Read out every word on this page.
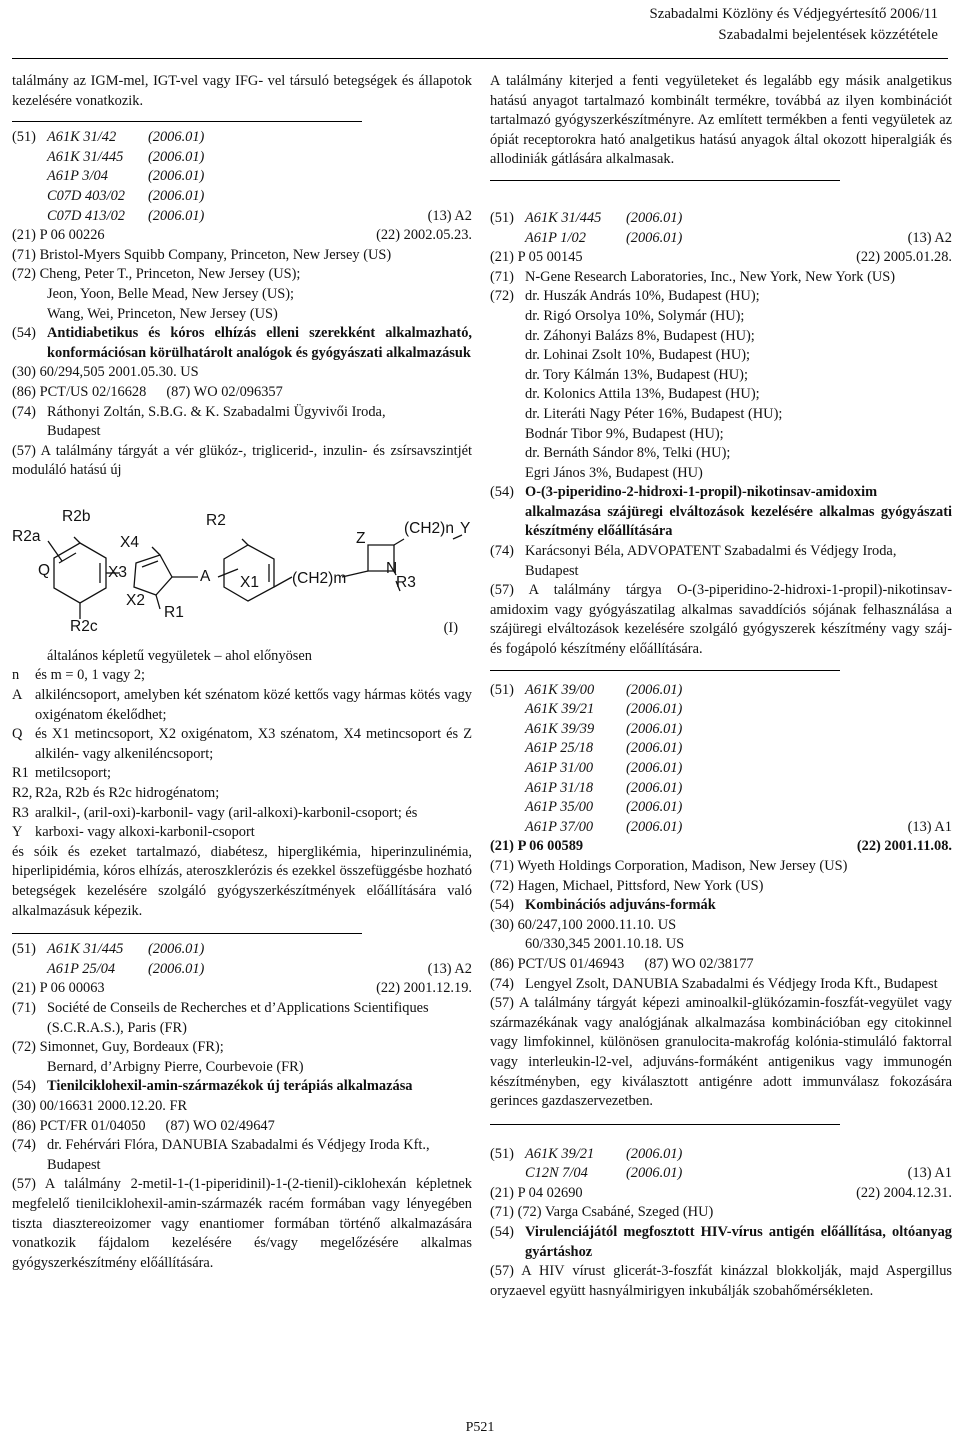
Szabadalmi Közlöny és Védjegyértesítő 2006/11
Szabadalmi bejelentések közzététele

találmány az IGM-mel, IGT-vel vagy IFG- vel társuló betegségek és állapotok kezelésére vonatkozik.

(51) A61K 31/42	(2006.01)
A61K 31/445	(2006.01)
A61P 3/04	(2006.01)
C07D 403/02	(2006.01)
C07D 413/02	(2006.01)	(13) A2
(21) P 06 00226	(22) 2002.05.23.
(71) Bristol-Myers Squibb Company, Princeton, New Jersey (US)
(72) Cheng, Peter T., Princeton, New Jersey (US);
Jeon, Yoon, Belle Mead, New Jersey (US);
Wang, Wei, Princeton, New Jersey (US)
(54) Antidiabetikus és kóros elhízás elleni szerekként alkalmazható, konformációsan körülhatárolt analógok és gyógyászati alkalmazásuk
(30) 60/294,505 2001.05.30. US
(86) PCT/US 02/16628 (87) WO 02/096357
(74) Ráthonyi Zoltán, S.B.G. & K. Szabadalmi Ügyvivői Iroda,
Budapest

(57) A találmány tárgyát a vér glükóz-, triglicerid-, inzulin- és zsírsavszintjét moduláló hatású új

R2a
R2b
Q
R2c
X4
X3
X2
R1
A
R2
X1 (CH2)m
Z
(CH2)n Y
N
R3
(I)
általános képletű vegyületek – ahol előnyösen
n	és m = 0, 1 vagy 2;
A alkiléncsoport, amelyben két szénatom közé kettős vagy hármas kötés vagy oxigénatom ékelődhet;
Q és X1 metincsoport, X2 oxigénatom, X3 szénatom, X4 metincsoport és Z alkilén- vagy alkeniléncsoport;
R1 metilcsoport;
R2, R2a, R2b és R2c hidrogénatom;
R3 aralkil-, (aril-oxi)-karbonil- vagy (aril-alkoxi)-karbonil-csoport; és
Y karboxi- vagy alkoxi-karbonil-csoport

és sóik és ezeket tartalmazó, diabétesz, hiperglikémia, hiperinzulinémia, hiperlipidémia, kóros elhízás, ateroszklerózis és ezekkel összefüggésbe hozható betegségek kezelésére szolgáló gyógyszerkészítmények előállítására való alkalmazásuk képezik.

(51) A61K 31/445	(2006.01)
A61P 25/04	(2006.01)	(13) A2
(21) P 06 00063	(22) 2001.12.19.
(71) Société de Conseils de Recherches et d’Applications Scientifiques (S.C.R.A.S.), Paris (FR)
(72) Simonnet, Guy, Bordeaux (FR);
Bernard, d’Arbigny Pierre, Courbevoie (FR)
(54) Tienilciklohexil-amin-származékok új terápiás alkalmazása
(30) 00/16631 2000.12.20. FR
(86) PCT/FR 01/04050 (87) WO 02/49647
(74) dr. Fehérvári Flóra, DANUBIA Szabadalmi és Védjegy Iroda Kft., Budapest

(57) A találmány 2-metil-1-(1-piperidinil)-1-(2-tienil)-ciklohexán képletnek megfelelő tienilciklohexil-amin-származék racém formában vagy lényegében tiszta diasztereoizomer vagy enantiomer formában történő alkalmazására vonatkozik fájdalom kezelésére és/vagy megelőzésére alkalmas gyógyszerkészítmény előállítására.

A találmány kiterjed a fenti vegyületeket és legalább egy másik analgetikus hatású anyagot tartalmazó kombinált termékre, továbbá az ilyen kombinációt tartalmazó gyógyszerkészítményre. Az említett termékben a fenti vegyületek az ópiát receptorokra ható analgetikus hatású anyagok által okozott hiperalgiák és allodiniák gátlására alkalmasak.

(51) A61K 31/445	(2006.01)
A61P 1/02	(2006.01)	(13) A2
(21) P 05 00145	(22) 2005.01.28.
(71) N-Gene Research Laboratories, Inc., New York, New York (US)
(72) dr. Huszák András 10%, Budapest (HU);
dr. Rigó Orsolya 10%, Solymár (HU);
dr. Záhonyi Balázs 8%, Budapest (HU);
dr. Lohinai Zsolt 10%, Budapest (HU);
dr. Tory Kálmán 13%, Budapest (HU);
dr. Kolonics Attila 13%, Budapest (HU);
dr. Literáti Nagy Péter 16%, Budapest (HU);
Bodnár Tibor 9%, Budapest (HU);
dr. Bernáth Sándor 8%, Telki (HU);
Egri János 3%, Budapest (HU)
(54) O-(3-piperidino-2-hidroxi-1-propil)-nikotinsav-amidoxim alkalmazása szájüregi elváltozások kezelésére alkalmas gyógyászati készítmény előállítására
(74) Karácsonyi Béla, ADVOPATENT Szabadalmi és Védjegy Iroda, Budapest

(57) A találmány tárgya O-(3-piperidino-2-hidroxi-1-propil)-nikotinsav-amidoxim vagy gyógyászatilag alkalmas savaddíciós sójának felhasználása a szájüregi elváltozások kezelésére szolgáló gyógyszerek készítmény vagy száj- és fogápoló készítmény előállítására.

(51) A61K 39/00	(2006.01)
A61K 39/21	(2006.01)
A61K 39/39	(2006.01)
A61P 25/18	(2006.01)
A61P 31/00	(2006.01)
A61P 31/18	(2006.01)
A61P 35/00	(2006.01)
A61P 37/00	(2006.01)	(13) A1
(21) P 06 00589	(22) 2001.11.08.
(71) Wyeth Holdings Corporation, Madison, New Jersey (US)
(72) Hagen, Michael, Pittsford, New York (US)
(54) Kombinációs adjuváns-formák
(30) 60/247,100 2000.11.10. US
60/330,345 2001.10.18. US
(86) PCT/US 01/46943 (87) WO 02/38177
(74) Lengyel Zsolt, DANUBIA Szabadalmi és Védjegy Iroda Kft., Budapest

(57) A találmány tárgyát képezi aminoalkil-glükózamin-foszfát-vegyület vagy származékának vagy analógjának alkalmazása kombinációban egy citokinnel vagy limfokinnel, különösen granulocita-makrofág kolónia-stimuláló faktorral vagy interleukin-l2-vel, adjuváns-formáként antigenikus vagy immunogén készítményben, egy kiválasztott antigénre adott immunválasz fokozására gerinces gazdaszervezetben.

(51) A61K 39/21	(2006.01)
C12N 7/04	(2006.01)	(13) A1
(21) P 04 02690	(22) 2004.12.31.
(71) (72) Varga Csabáné, Szeged (HU)
(54) Virulenciájától megfosztott HIV-vírus antigén előállítása, oltóanyag gyártáshoz

(57) A HIV vírust glicerát-3-foszfát kinázzal blokkolják, majd Aspergillus oryzaevel együtt hasnyálmirigyen inkubálják szobahőmérsékleten.

P521
